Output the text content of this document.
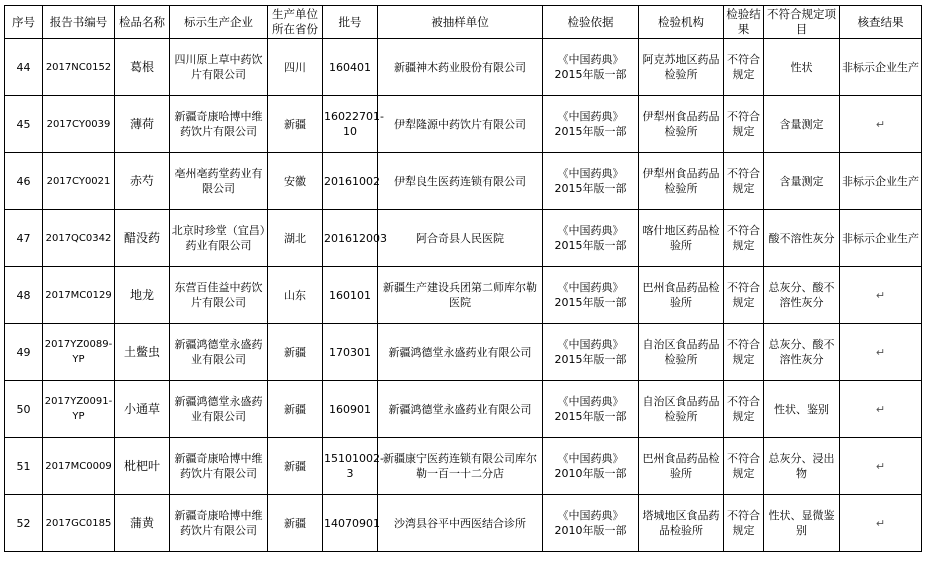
序号	报告书编号	检品名称	标示生产企业	生产单位所在省份	批号	被抽样单位	检验依据	检验机构	检验结果	不符合规定项目	核查结果
44	2017NC0152	葛根	四川原上草中药饮片有限公司	四川	160401	新疆神木药业股份有限公司	《中国药典》2015年版一部	阿克苏地区药品检验所	不符合规定	性状	非标示企业生产
45	2017CY0039	薄荷	新疆奇康哈博中维药饮片有限公司	新疆	16022701-10	伊犁隆源中药饮片有限公司	《中国药典》2015年版一部	伊犁州食品药品检验所	不符合规定	含量测定	↵
46	2017CY0021	赤芍	亳州亳药堂药业有限公司	安徽	20161002	伊犁良生医药连锁有限公司	《中国药典》2015年版一部	伊犁州食品药品检验所	不符合规定	含量测定	非标示企业生产
47	2017QC0342	醋没药	北京时珍堂（宜昌）药业有限公司	湖北	201612003	阿合奇县人民医院	《中国药典》2015年版一部	喀什地区药品检验所	不符合规定	酸不溶性灰分	非标示企业生产
48	2017MC0129	地龙	东营百佳益中药饮片有限公司	山东	160101	新疆生产建设兵团第二师库尔勒医院	《中国药典》2015年版一部	巴州食品药品检验所	不符合规定	总灰分、酸不溶性灰分	↵
49	2017YZ0089-YP	土鳖虫	新疆鸿德堂永盛药业有限公司	新疆	170301	新疆鸿德堂永盛药业有限公司	《中国药典》2015年版一部	自治区食品药品检验所	不符合规定	总灰分、酸不溶性灰分	↵
50	2017YZ0091-YP	小通草	新疆鸿德堂永盛药业有限公司	新疆	160901	新疆鸿德堂永盛药业有限公司	《中国药典》2015年版一部	自治区食品药品检验所	不符合规定	性状、鉴别	↵
51	2017MC0009	枇杷叶	新疆奇康哈博中维药饮片有限公司	新疆	15101002-3	新疆康宁医药连锁有限公司库尔勒一百一十二分店	《中国药典》2010年版一部	巴州食品药品检验所	不符合规定	总灰分、浸出物	↵
52	2017GC0185	蒲黄	新疆奇康哈博中维药饮片有限公司	新疆	14070901	沙湾县谷平中西医结合诊所	《中国药典》2010年版一部	塔城地区食品药品检验所	不符合规定	性状、显微鉴别	↵
